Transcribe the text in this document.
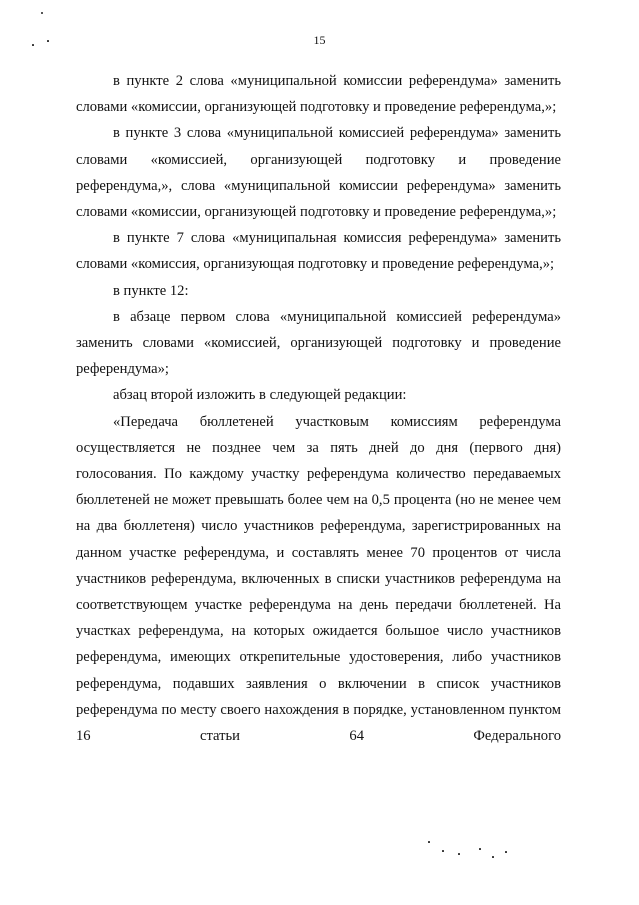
15

в пункте 2 слова «муниципальной комиссии референдума» заменить словами «комиссии, организующей подготовку и проведение референдума,»;

в пункте 3 слова «муниципальной комиссией референдума» заменить словами «комиссией, организующей подготовку и проведение референдума,», слова «муниципальной комиссии референдума» заменить словами «комиссии, организующей подготовку и проведение референдума,»;

в пункте 7 слова «муниципальная комиссия референдума» заменить словами «комиссия, организующая подготовку и проведение референдума,»;

в пункте 12:

в абзаце первом слова «муниципальной комиссией референдума» заменить словами «комиссией, организующей подготовку и проведение референдума»;

абзац второй изложить в следующей редакции:

«Передача бюллетеней участковым комиссиям референдума осуществляется не позднее чем за пять дней до дня (первого дня) голосования. По каждому участку референдума количество передаваемых бюллетеней не может превышать более чем на 0,5 процента (но не менее чем на два бюллетеня) число участников референдума, зарегистрированных на данном участке референдума, и составлять менее 70 процентов от числа участников референдума, включенных в списки участников референдума на соответствующем участке референдума на день передачи бюллетеней. На участках референдума, на которых ожидается большое число участников референдума, имеющих открепительные удостоверения, либо участников референдума, подавших заявления о включении в список участников референдума по месту своего нахождения в порядке, установленном пунктом 16 статьи 64 Федерального
